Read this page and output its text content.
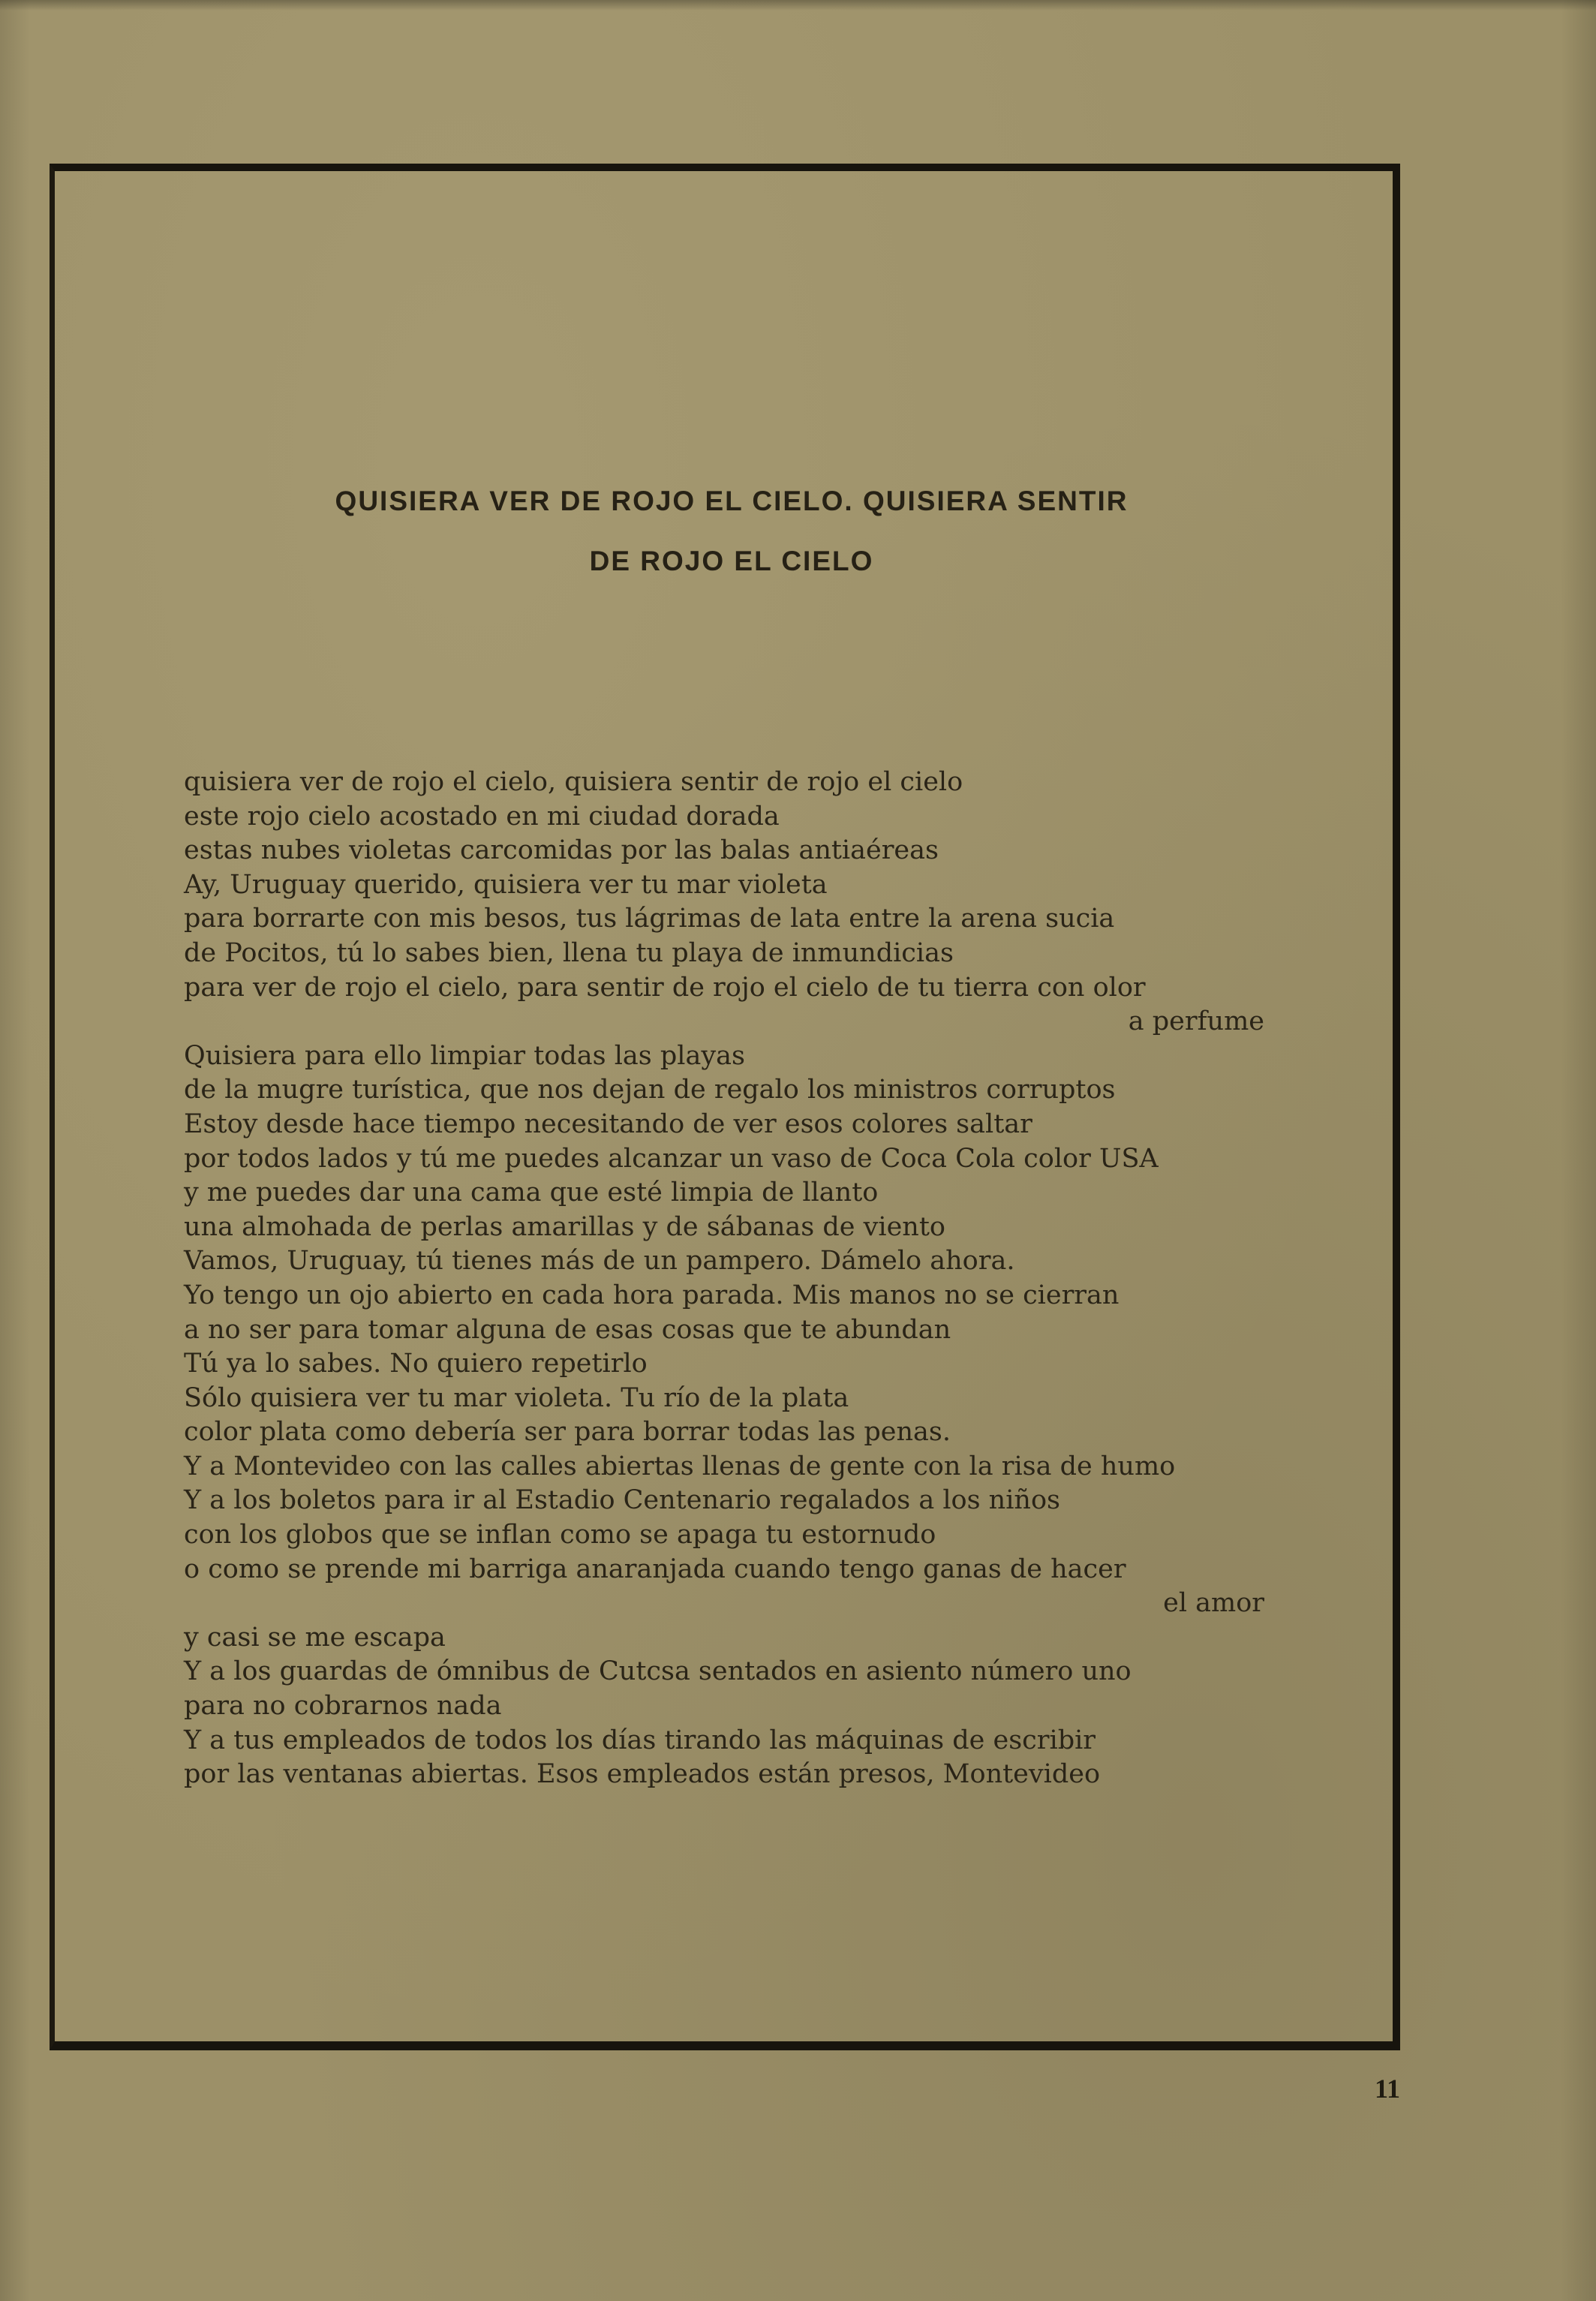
QUISIERA VER DE ROJO EL CIELO. QUISIERA SENTIR
DE ROJO EL CIELO
quisiera ver de rojo el cielo, quisiera sentir de rojo el cielo
este rojo cielo acostado en mi ciudad dorada
estas nubes violetas carcomidas por las balas antiaéreas
Ay, Uruguay querido, quisiera ver tu mar violeta
para borrarte con mis besos, tus lágrimas de lata entre la arena sucia
de Pocitos, tú lo sabes bien, llena tu playa de inmundicias
para ver de rojo el cielo, para sentir de rojo el cielo de tu tierra con olor
a perfume
Quisiera para ello limpiar todas las playas
de la mugre turística, que nos dejan de regalo los ministros corruptos
Estoy desde hace tiempo necesitando de ver esos colores saltar
por todos lados y tú me puedes alcanzar un vaso de Coca Cola color USA
y me puedes dar una cama que esté limpia de llanto
una almohada de perlas amarillas y de sábanas de viento
Vamos, Uruguay, tú tienes más de un pampero. Dámelo ahora.
Yo tengo un ojo abierto en cada hora parada. Mis manos no se cierran
a no ser para tomar alguna de esas cosas que te abundan
Tú ya lo sabes. No quiero repetirlo
Sólo quisiera ver tu mar violeta. Tu río de la plata
color plata como debería ser para borrar todas las penas.
Y a Montevideo con las calles abiertas llenas de gente con la risa de humo
Y a los boletos para ir al Estadio Centenario regalados a los niños
con los globos que se inflan como se apaga tu estornudo
o como se prende mi barriga anaranjada cuando tengo ganas de hacer
el amor
y casi se me escapa
Y a los guardas de ómnibus de Cutcsa sentados en asiento número uno
para no cobrarnos nada
Y a tus empleados de todos los días tirando las máquinas de escribir
por las ventanas abiertas. Esos empleados están presos, Montevideo
11
